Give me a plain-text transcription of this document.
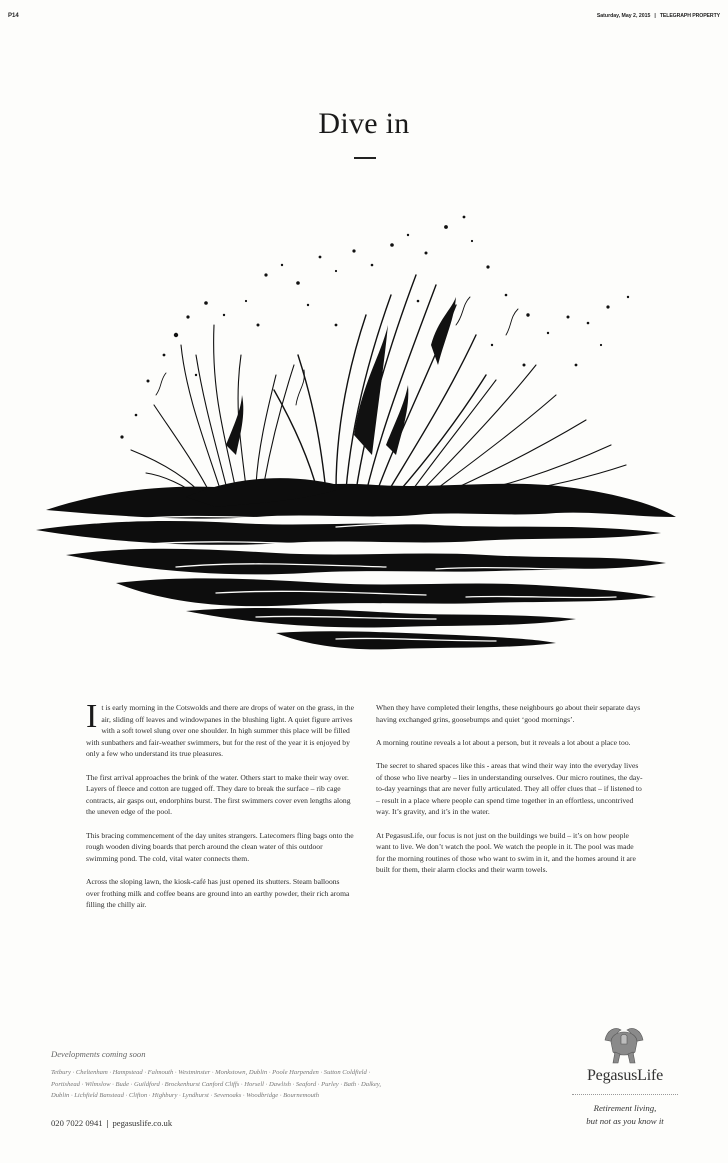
P14	Saturday, May 2, 2015 | TELEGRAPH PROPERTY
Dive in

It is early morning in the Cotswolds and there are drops of water on the grass, in the air, sliding off leaves and windowpanes in the blushing light. A quiet figure arrives with a soft towel slung over one shoulder. In high summer this place will be filled with sunbathers and fair-weather swimmers, but for the rest of the year it is enjoyed by only a few who understand its true pleasures.

The first arrival approaches the brink of the water. Others start to make their way over. Layers of fleece and cotton are tugged off. They dare to break the surface – rib cage contracts, air gasps out, endorphins burst. The first swimmers cover even lengths along the uneven edge of the pool.

This bracing commencement of the day unites strangers. Latecomers fling bags onto the rough wooden diving boards that perch around the clean water of this outdoor swimming pond. The cold, vital water connects them.

Across the sloping lawn, the kiosk-café has just opened its shutters. Steam balloons over frothing milk and coffee beans are ground into an earthy powder, their rich aroma filling the chilly air.

When they have completed their lengths, these neighbours go about their separate days having exchanged grins, goosebumps and quiet ‘good mornings’.

A morning routine reveals a lot about a person, but it reveals a lot about a place too.

The secret to shared spaces like this - areas that wind their way into the everyday lives of those who live nearby – lies in understanding ourselves. Our micro routines, the day-to-day yearnings that are never fully articulated. They all offer clues that – if listened to – result in a place where people can spend time together in an effortless, uncontrived way. It’s gravity, and it’s in the water.

At PegasusLife, our focus is not just on the buildings we build – it’s on how people want to live. We don’t watch the pool. We watch the people in it. The pool was made for the morning routines of those who want to swim in it, and the homes around it are built for them, their alarm clocks and their warm towels.

Developments coming soon
Tetbury · Cheltenham · Hampstead · Falmouth · Westminster · Monkstown, Dublin · Poole Harpenden · Sutton Coldfield · Portishead · Wilmslow · Bude · Guildford · Brockenhurst Canford Cliffs · Horsell · Dawlish · Seaford · Purley · Bath · Dalkey, Dublin · Lichfield Banstead · Clifton · Highbury · Lyndhurst · Sevenoaks · Woodbridge · Bournemouth
020 7022 0941 | pegasuslife.co.uk
PegasusLife
Retirement living,
but not as you know it
